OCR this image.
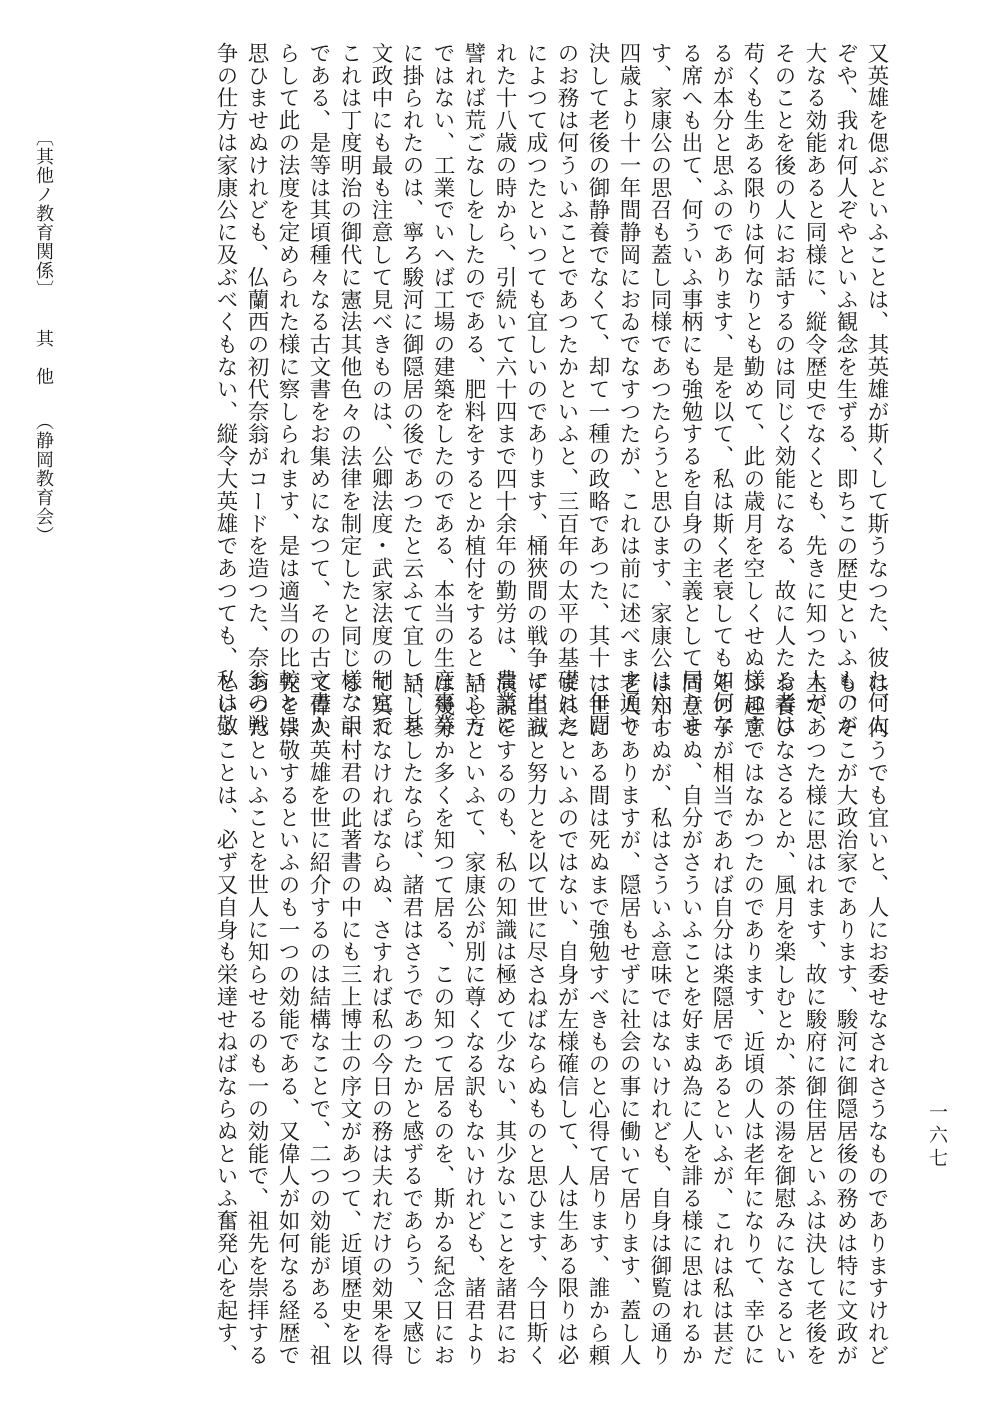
又英雄を偲ぶといふことは、其英雄が斯くして斯うなつた、彼れ何人
ぞや、我れ何人ぞやといふ観念を生ずる、即ちこの歴史といふものが
大なる効能あると同様に、縦令歴史でなくとも、先きに知つた人が、
そのことを後の人にお話するのは同じく効能になる、故に人たる者は
苟くも生ある限りは何なりとも勤めて、此の歳月を空しくせぬ様にす
るが本分と思ふのであります、是を以て、私は斯く老衰しても如何な
る席へも出て、何ういふ事柄にも強勉するを自身の主義として居りま
す、家康公の思召も蓋し同様であつたらうと思ひます、家康公は六十
四歳より十一年間静岡におゐでなすつたが、これは前に述べます通り
決して老後の御静養でなくて、却て一種の政略であつた、其十一年間
のお務は何ういふことであつたかといふと、三百年の太平の基礎は之
によつて成つたといつても宜しいのであります、桶狹間の戦争に出ら
れた十八歳の時から、引続いて六十四まで四十余年の勤労は、農業に
譬れば荒ごなしをしたのである、肥料をするとか植付をするといふ方
ではない、工業でいへば工場の建築をしたのである、本当の生産事業
に掛られたのは、寧ろ駿河に御隠居の後であつたと云ふて宜しい、其
文政中にも最も注意して見べきものは、公卿法度・武家法度の制定で
これは丁度明治の御代に憲法其他色々の法律を制定したと同じ様な訳
である、是等は其頃種々なる古文書をお集めになつて、その古文書か
らして此の法度を定められた様に察しられます、是は適当の比較とは
思ひませぬけれども、仏蘭西の初代奈翁がコードを造つた、奈翁の戦
争の仕方は家康公に及ぶべくもない、縦令大英雄であつても、私は敬
は、何うでも宜いと、人にお委せなされさうなものでありますけれど
も、そこが大政治家であります、駿河に御隠居後の務めは特に文政が
主であつた様に思はれます、故に駿府に御住居といふは決して老後を
お養ひなさるとか、風月を楽しむとか、茶の湯を御慰みになさるとい
ふ趣意ではなかつたのであります、近頃の人は老年になりて、幸ひに
その子が相当であれば自分は楽隠居であるといふが、これは私は甚だ
同意せぬ、自分がさういふことを好まぬ為に人を誹る様に思はれるか
は知らぬが、私はさういふ意味ではないけれども、自身は御覧の通り
老人でありますが、隠居もせずに社会の事に働いて居ります、蓋し人
は世にある間は死ぬまで強勉すべきものと心得て居ります、誰から頼
まれたといふのではない、自身が左様確信して、人は生ある限りは必
ず至誠と努力とを以て世に尽さねばならぬものと思ひます、今日斯く
演説をするのも、私の知識は極めて少ない、其少ないことを諸君にお
話したといふて、家康公が別に尊くなる訳もないけれども、諸君より
は幾分か多くを知つて居る、この知つて居るのを、斯かる紀念日にお
話しをしたならば、諸君はさうであつたかと感ずるであらう、又感じ
て呉れなければならぬ、さすれば私の今日の務は夫れだけの効果を得
る、中村君の此著書の中にも三上博士の序文があつて、近頃歴史を以
て偉人英雄を世に紹介するのは結構なことで、二つの効能がある、祖
先を崇敬するといふのも一つの効能である、又偉人が如何なる経歴で
あつたといふことを世人に知らせるのも一の効能で、祖先を崇拝する
といふことは、必ず又自身も栄達せねばならぬといふ奮発心を起す、
〔其他ノ教育関係〕其　他（静岡教育会）
一六七
